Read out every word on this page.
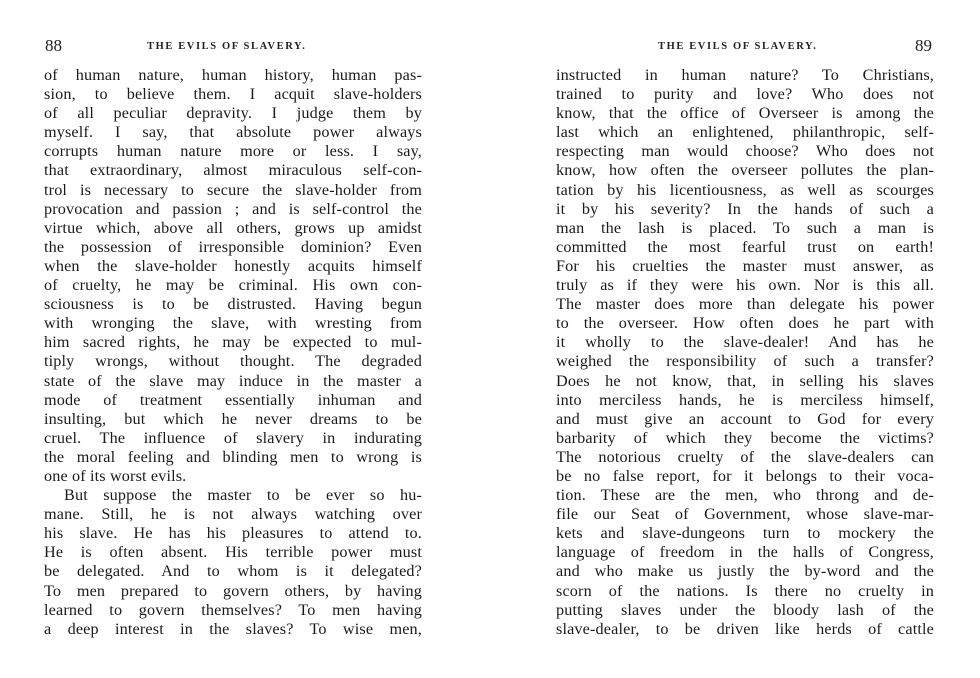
88	THE EVILS OF SLAVERY.
of human nature, human history, human pas-
sion, to believe them. I acquit slave-holders
of all peculiar depravity. I judge them by
myself. I say, that absolute power always
corrupts human nature more or less. I say,
that extraordinary, almost miraculous self-con-
trol is necessary to secure the slave-holder from
provocation and passion ; and is self-control the
virtue which, above all others, grows up amidst
the possession of irresponsible dominion? Even
when the slave-holder honestly acquits himself
of cruelty, he may be criminal. His own con-
sciousness is to be distrusted. Having begun
with wronging the slave, with wresting from
him sacred rights, he may be expected to mul-
tiply wrongs, without thought. The degraded
state of the slave may induce in the master a
mode of treatment essentially inhuman and
insulting, but which he never dreams to be
cruel. The influence of slavery in indurating
the moral feeling and blinding men to wrong is
one of its worst evils.
But suppose the master to be ever so hu-
mane. Still, he is not always watching over
his slave. He has his pleasures to attend to.
He is often absent. His terrible power must
be delegated. And to whom is it delegated?
To men prepared to govern others, by having
learned to govern themselves? To men having
a deep interest in the slaves? To wise men,
THE EVILS OF SLAVERY.	89
instructed in human nature? To Christians,
trained to purity and love? Who does not
know, that the office of Overseer is among the
last which an enlightened, philanthropic, self-
respecting man would choose? Who does not
know, how often the overseer pollutes the plan-
tation by his licentiousness, as well as scourges
it by his severity? In the hands of such a
man the lash is placed. To such a man is
committed the most fearful trust on earth!
For his cruelties the master must answer, as
truly as if they were his own. Nor is this all.
The master does more than delegate his power
to the overseer. How often does he part with
it wholly to the slave-dealer! And has he
weighed the responsibility of such a transfer?
Does he not know, that, in selling his slaves
into merciless hands, he is merciless himself,
and must give an account to God for every
barbarity of which they become the victims?
The notorious cruelty of the slave-dealers can
be no false report, for it belongs to their voca-
tion. These are the men, who throng and de-
file our Seat of Government, whose slave-mar-
kets and slave-dungeons turn to mockery the
language of freedom in the halls of Congress,
and who make us justly the by-word and the
scorn of the nations. Is there no cruelty in
putting slaves under the bloody lash of the
slave-dealer, to be driven like herds of cattle
